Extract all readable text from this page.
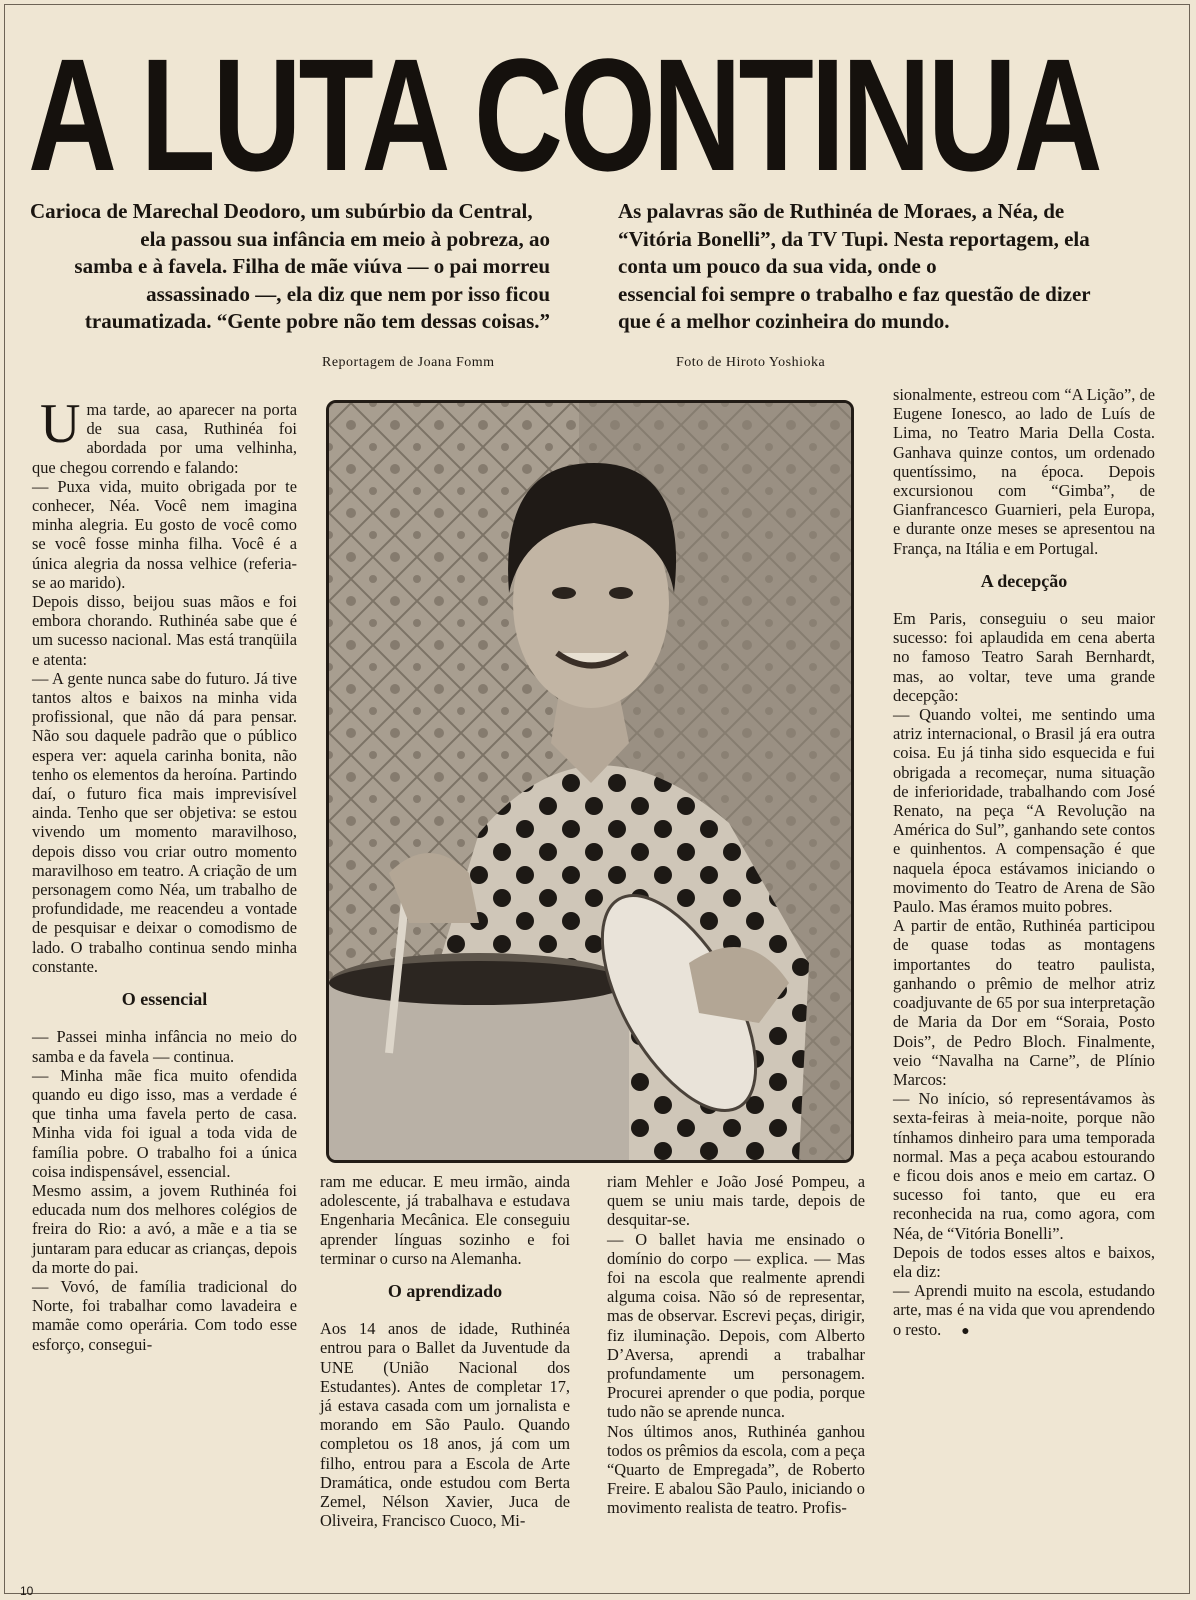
A LUTA CONTINUA

Carioca de Marechal Deodoro, um subúrbio da Central,

ela passou sua infância em meio à pobreza, ao

samba e à favela. Filha de mãe viúva — o pai morreu

assassinado —, ela diz que nem por isso ficou

traumatizada. “Gente pobre não tem dessas coisas.”

As palavras são de Ruthinéa de Moraes, a Néa, de

“Vitória Bonelli”, da TV Tupi. Nesta reportagem, ela

conta um pouco da sua vida, onde o

essencial foi sempre o trabalho e faz questão de dizer

que é a melhor cozinheira do mundo.

Reportagem de Joana Fomm	Foto de Hiroto Yoshioka

Uma tarde, ao aparecer na porta de sua casa, Ruthinéa foi abordada por uma velhinha, que chegou correndo e falando:

— Puxa vida, muito obrigada por te conhecer, Néa. Você nem imagina minha alegria. Eu gosto de você como se você fosse minha filha. Você é a única alegria da nossa velhice (referia-se ao marido).

Depois disso, beijou suas mãos e foi embora chorando. Ruthinéa sabe que é um sucesso nacional. Mas está tranqüila e atenta:

— A gente nunca sabe do futuro. Já tive tantos altos e baixos na minha vida profissional, que não dá para pensar. Não sou daquele padrão que o público espera ver: aquela carinha bonita, não tenho os elementos da heroína. Partindo daí, o futuro fica mais imprevisível ainda. Tenho que ser objetiva: se estou vivendo um momento maravilhoso, depois disso vou criar outro momento maravilhoso em teatro. A criação de um personagem como Néa, um trabalho de profundidade, me reacendeu a vontade de pesquisar e deixar o comodismo de lado. O trabalho continua sendo minha constante.

O essencial

— Passei minha infância no meio do samba e da favela — continua.

— Minha mãe fica muito ofendida quando eu digo isso, mas a verdade é que tinha uma favela perto de casa. Minha vida foi igual a toda vida de família pobre. O trabalho foi a única coisa indispensável, essencial.

Mesmo assim, a jovem Ruthinéa foi educada num dos melhores colégios de freira do Rio: a avó, a mãe e a tia se juntaram para educar as crianças, depois da morte do pai.

— Vovó, de família tradicional do Norte, foi trabalhar como lavadeira e mamãe como operária. Com todo esse esforço, consegui-

ram me educar. E meu irmão, ainda adolescente, já trabalhava e estudava Engenharia Mecânica. Ele conseguiu aprender línguas sozinho e foi terminar o curso na Alemanha.

O aprendizado

Aos 14 anos de idade, Ruthinéa entrou para o Ballet da Juventude da UNE (União Nacional dos Estudantes). Antes de completar 17, já estava casada com um jornalista e morando em São Paulo. Quando completou os 18 anos, já com um filho, entrou para a Escola de Arte Dramática, onde estudou com Berta Zemel, Nélson Xavier, Juca de Oliveira, Francisco Cuoco, Mi-

riam Mehler e João José Pompeu, a quem se uniu mais tarde, depois de desquitar-se.

— O ballet havia me ensinado o domínio do corpo — explica. — Mas foi na escola que realmente aprendi alguma coisa. Não só de representar, mas de observar. Escrevi peças, dirigir, fiz iluminação. Depois, com Alberto D’Aversa, aprendi a trabalhar profundamente um personagem. Procurei aprender o que podia, porque tudo não se aprende nunca.

Nos últimos anos, Ruthinéa ganhou todos os prêmios da escola, com a peça “Quarto de Empregada”, de Roberto Freire. E abalou São Paulo, iniciando o movimento realista de teatro. Profis-

sionalmente, estreou com “A Lição”, de Eugene Ionesco, ao lado de Luís de Lima, no Teatro Maria Della Costa. Ganhava quinze contos, um ordenado quentíssimo, na época. Depois excursionou com “Gimba”, de Gianfrancesco Guarnieri, pela Europa, e durante onze meses se apresentou na França, na Itália e em Portugal.

A decepção

Em Paris, conseguiu o seu maior sucesso: foi aplaudida em cena aberta no famoso Teatro Sarah Bernhardt, mas, ao voltar, teve uma grande decepção:

— Quando voltei, me sentindo uma atriz internacional, o Brasil já era outra coisa. Eu já tinha sido esquecida e fui obrigada a recomeçar, numa situação de inferioridade, trabalhando com José Renato, na peça “A Revolução na América do Sul”, ganhando sete contos e quinhentos. A compensação é que naquela época estávamos iniciando o movimento do Teatro de Arena de São Paulo. Mas éramos muito pobres.

A partir de então, Ruthinéa participou de quase todas as montagens importantes do teatro paulista, ganhando o prêmio de melhor atriz coadjuvante de 65 por sua interpretação de Maria da Dor em “Soraia, Posto Dois”, de Pedro Bloch. Finalmente, veio “Navalha na Carne”, de Plínio Marcos:

— No início, só representávamos às sexta-feiras à meia-noite, porque não tínhamos dinheiro para uma temporada normal. Mas a peça acabou estourando e ficou dois anos e meio em cartaz. O sucesso foi tanto, que eu era reconhecida na rua, como agora, com Néa, de “Vitória Bonelli”.

Depois de todos esses altos e baixos, ela diz:

— Aprendi muito na escola, estudando arte, mas é na vida que vou aprendendo o resto. ●

10
